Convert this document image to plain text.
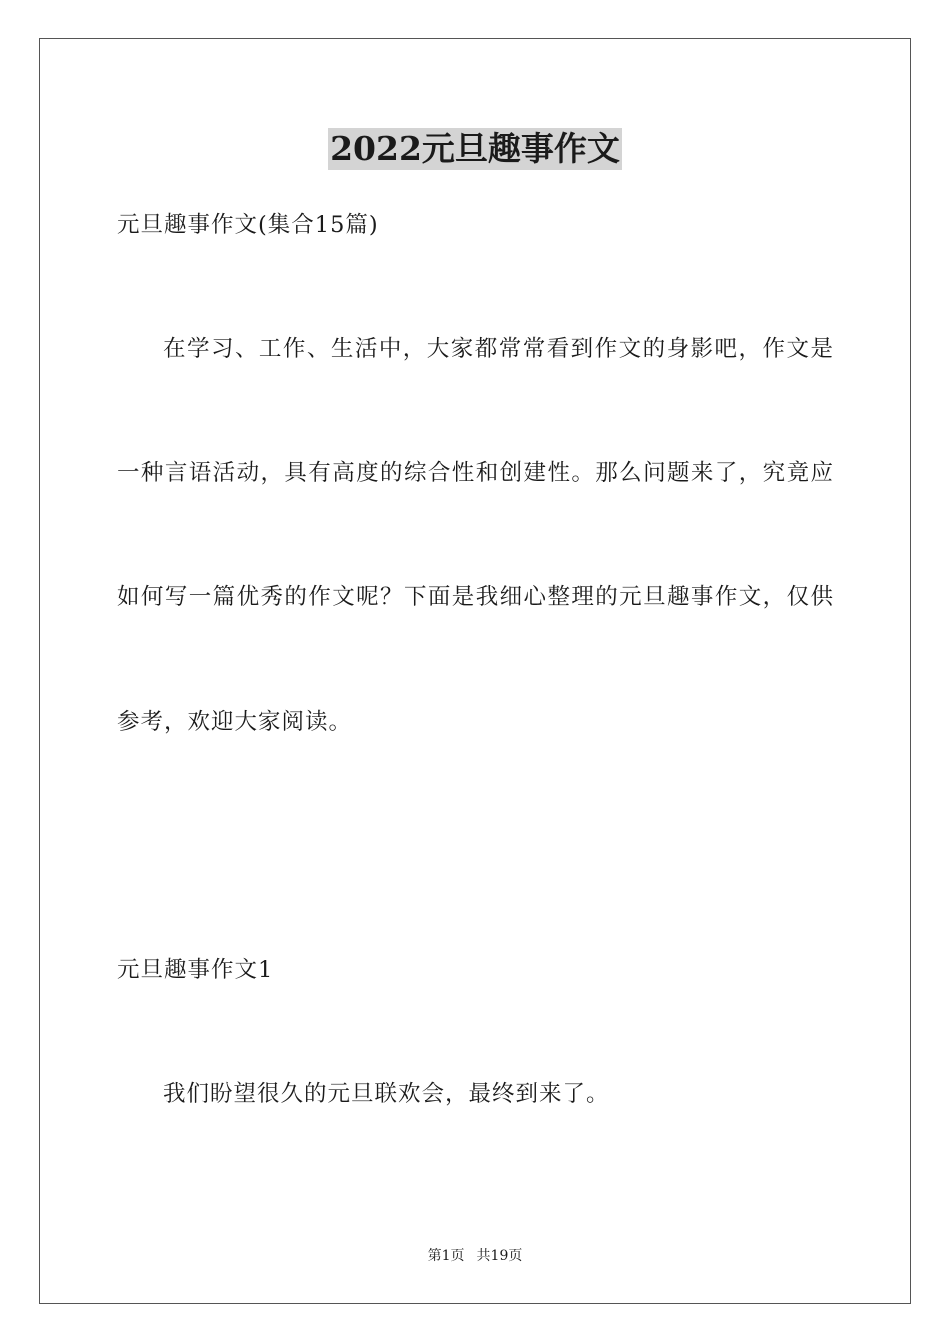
2022元旦趣事作文
元旦趣事作文(集合15篇)
在学习、工作、生活中，大家都常常看到作文的身影吧，作文是
一种言语活动，具有高度的综合性和创建性。那么问题来了，究竟应
如何写一篇优秀的作文呢？下面是我细心整理的元旦趣事作文，仅供
参考，欢迎大家阅读。
元旦趣事作文1
我们盼望很久的元旦联欢会，最终到来了。
第1页 共19页
